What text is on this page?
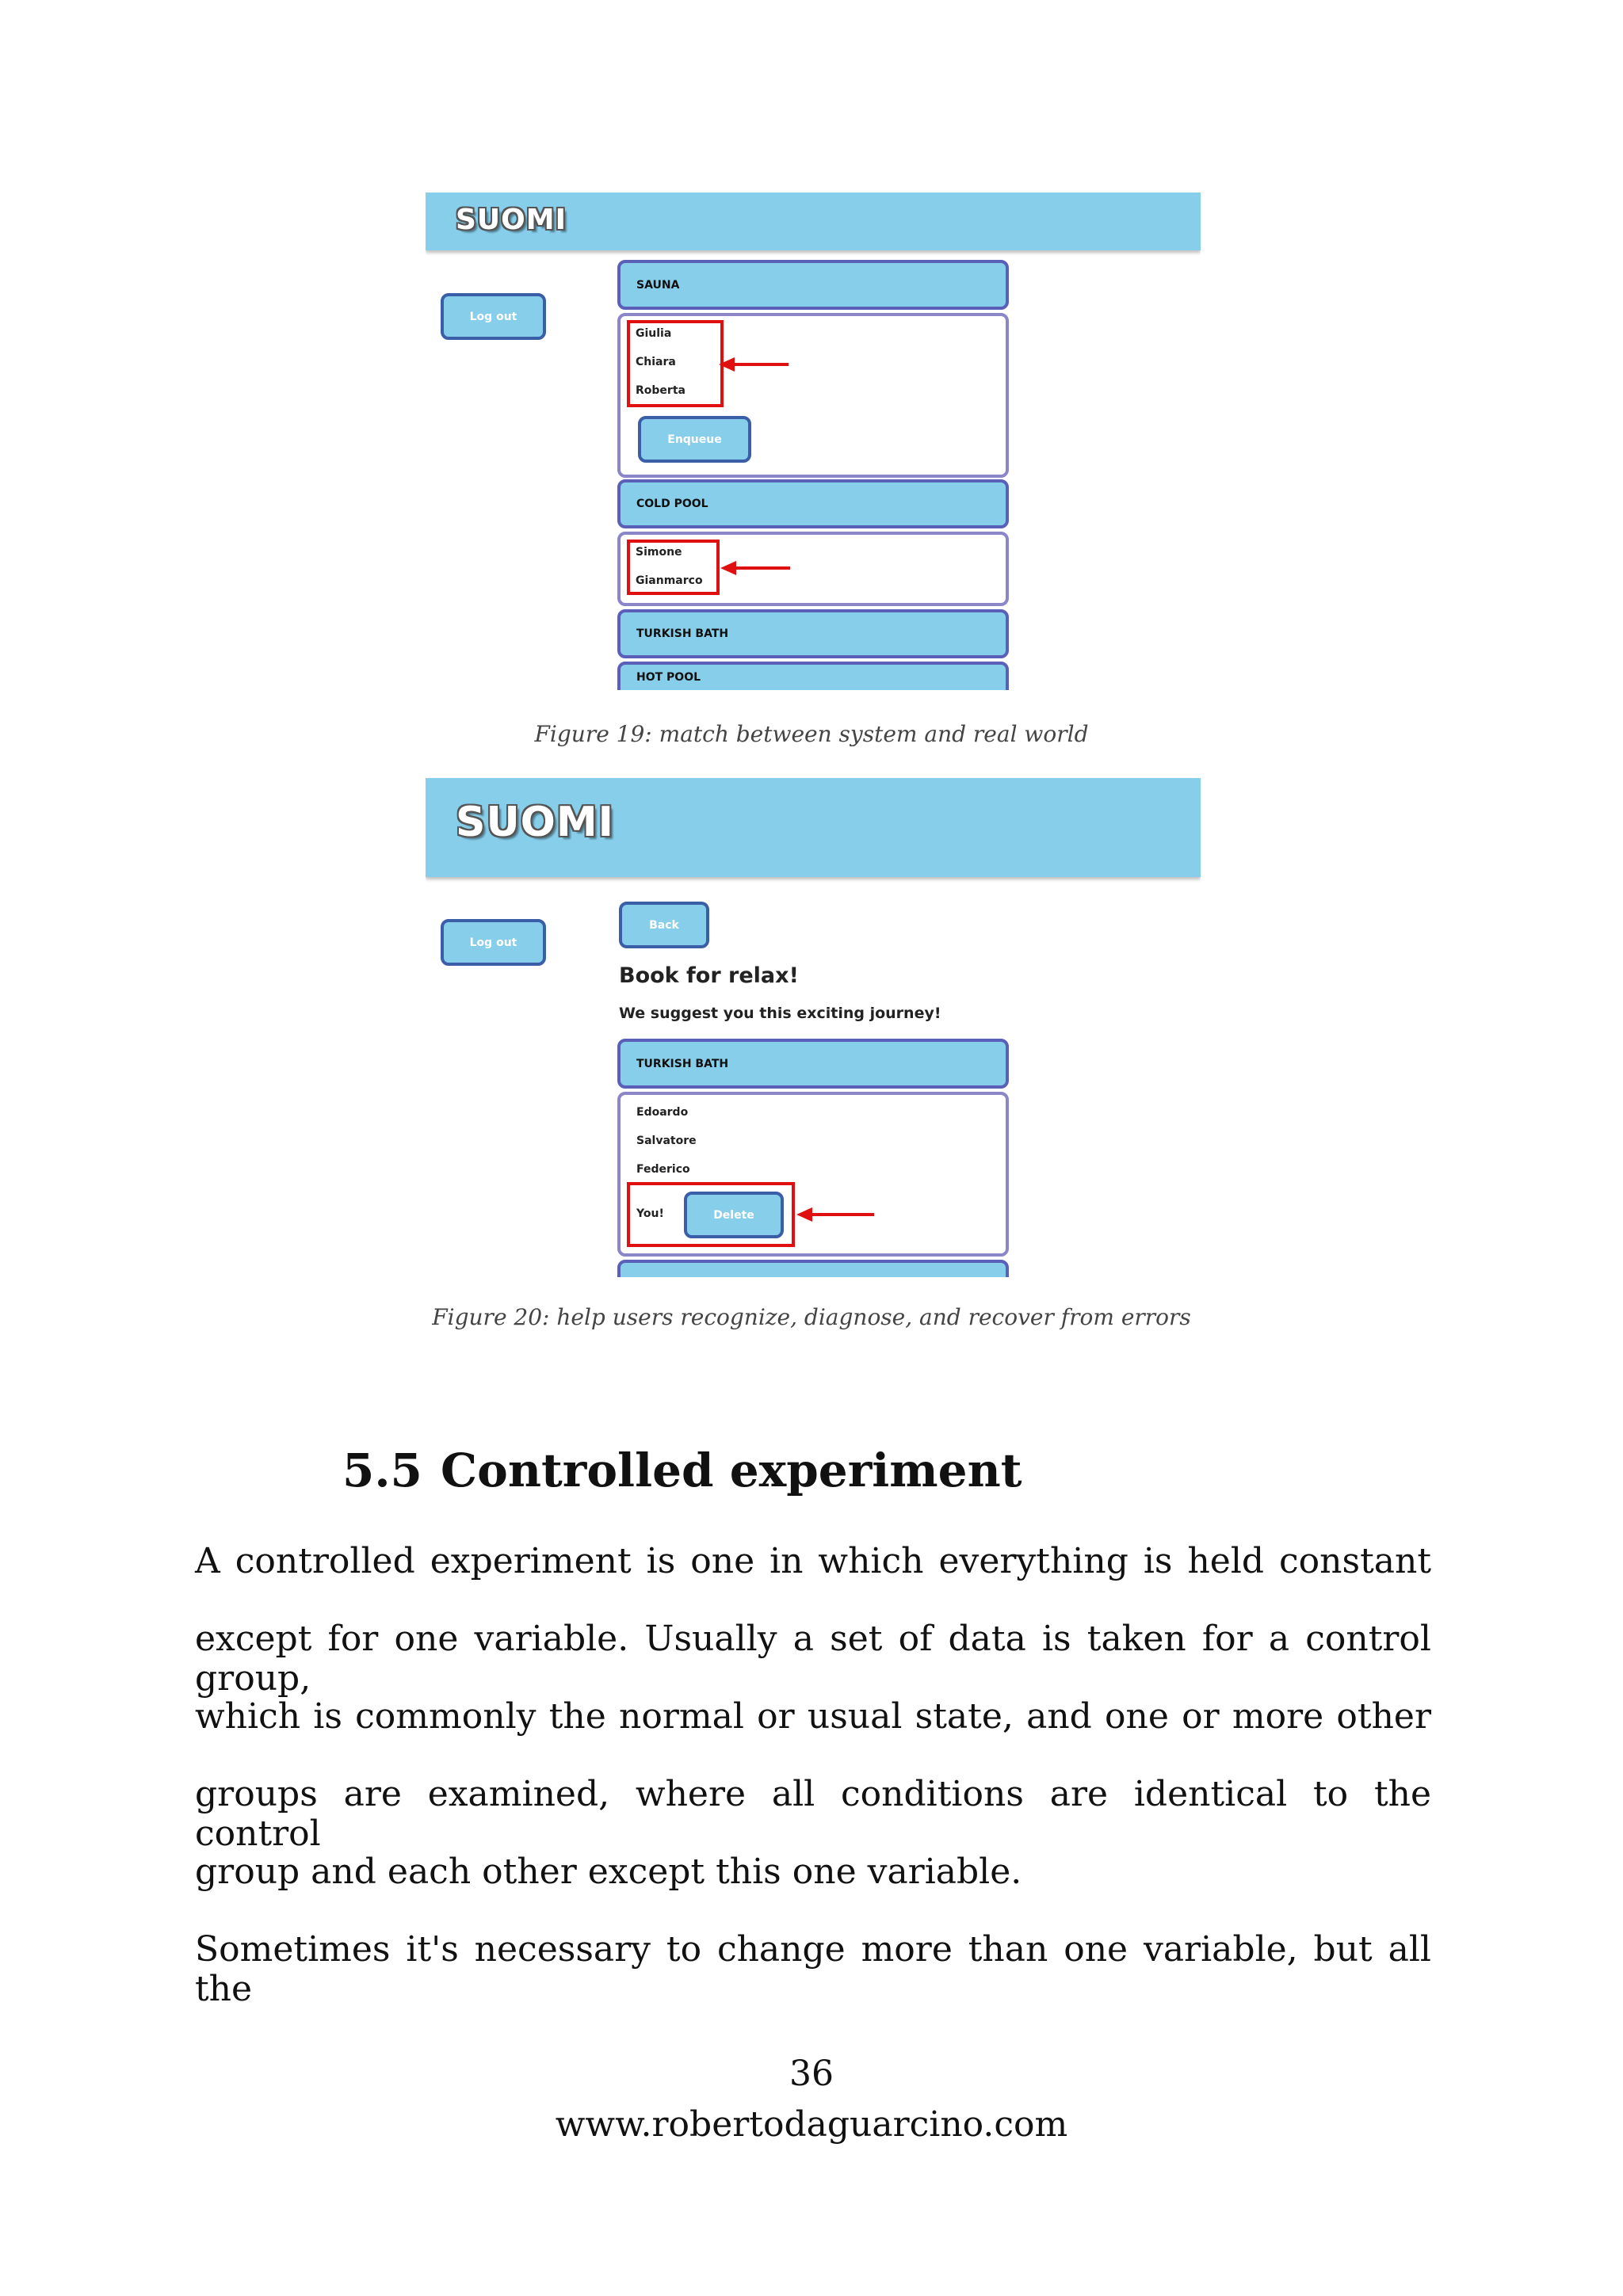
SUOMI
Log out
SAUNA
Giulia
Chiara
Roberta
Enqueue
COLD POOL
Simone
Gianmarco
TURKISH BATH
HOT POOL
Figure 19: match between system and real world
SUOMI
Log out
Back
Book for relax!
We suggest you this exciting journey!
TURKISH BATH
Edoardo
Salvatore
Federico
You!	Delete
Figure 20: help users recognize, diagnose, and recover from errors
5.5 Controlled experiment
A controlled experiment is one in which everything is held constant
except for one variable. Usually a set of data is taken for a control group,
which is commonly the normal or usual state, and one or more other
groups are examined, where all conditions are identical to the control
group and each other except this one variable.
Sometimes it's necessary to change more than one variable, but all the
36
www.robertodaguarcino.com
